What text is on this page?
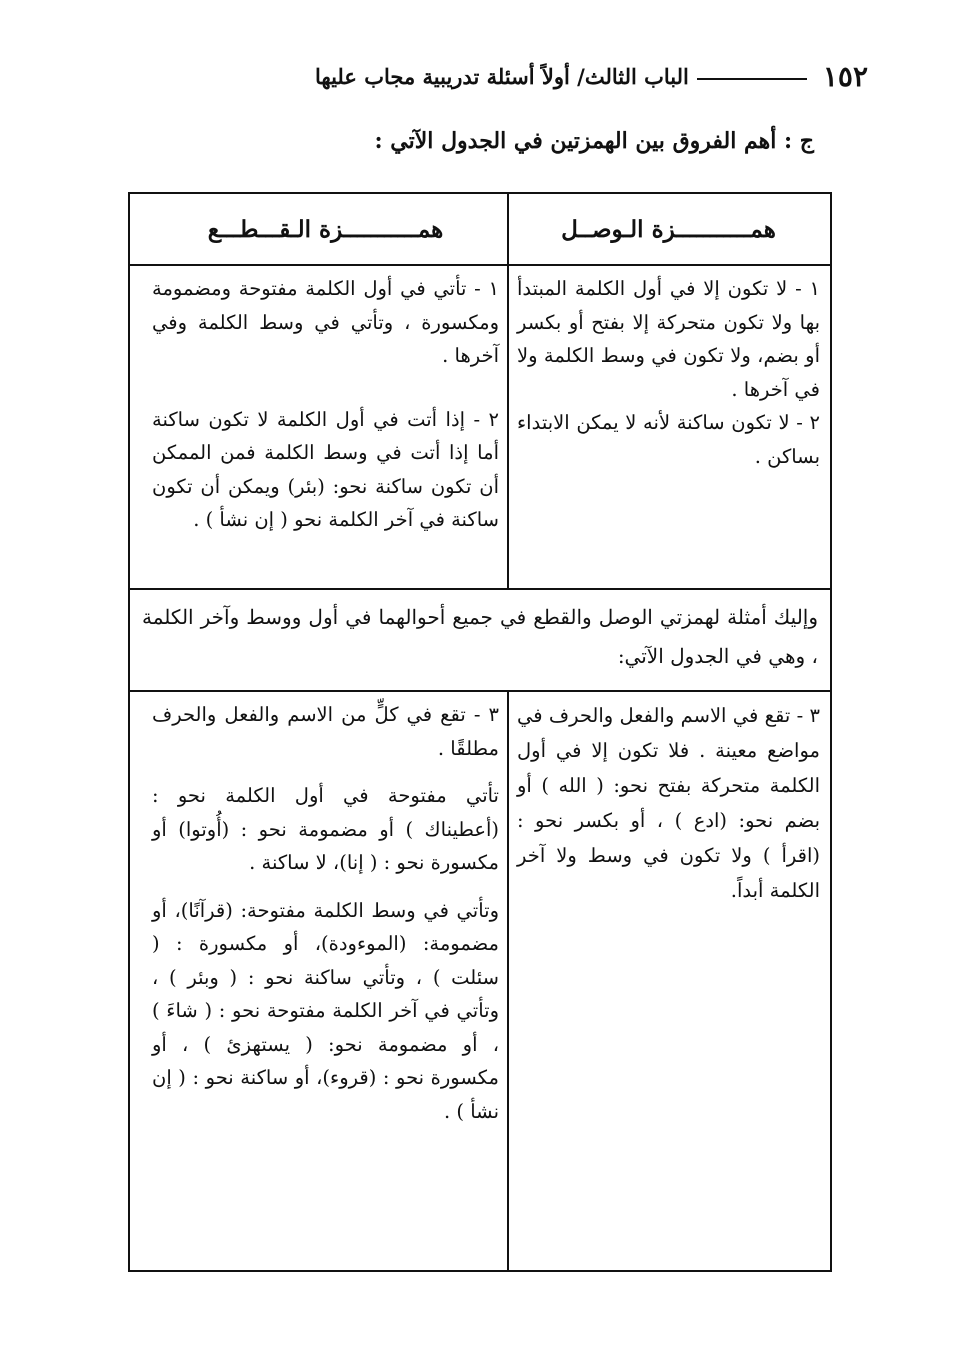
١٥٢
الباب الثالث/ أولاً أسئلة تدريبية مجاب عليها
ج : أهم الفروق بين الهمزتين في الجدول الآتي :
همـــــــــــزة الـوصــل
همـــــــــــزة الـقـــطـــع

١ - لا تكون إلا في أول الكلمة المبتدأ بها ولا تكون متحركة إلا بفتح أو بكسر أو بضم، ولا تكون في وسط الكلمة ولا في آخرها .

٢ - لا تكون ساكنة لأنه لا يمكن الابتداء بساكن .

١ - تأتي في أول الكلمة مفتوحة ومضمومة ومكسورة ، وتأتي في وسط الكلمة وفي آخرها .

٢ - إذا أتت في أول الكلمة لا تكون ساكنة أما إذا أتت في وسط الكلمة فمن الممكن أن تكون ساكنة نحو: (بئر) ويمكن أن تكون ساكنة في آخر الكلمة نحو ( إن نشأ ) .

وإليك أمثلة لهمزتي الوصل والقطع في جميع أحوالهما في أول ووسط وآخر الكلمة ، وهي في الجدول الآتي:

٣ - تقع في الاسم والفعل والحرف في مواضع معينة . فلا تكون إلا في أول الكلمة متحركة بفتح نحو: ( الله ) أو بضم نحو: (ادع ) ، أو بكسر نحو : (اقرأ ) ولا تكون في وسط ولا آخر الكلمة أبداً.

٣ - تقع في كلٍّ من الاسم والفعل والحرف مطلقًا .

تأتي مفتوحة في أول الكلمة نحو : (أعطيناك ) أو مضمومة نحو : (أُوتوا) أو مكسورة نحو : ( إنا)، لا ساكنة .

وتأتي في وسط الكلمة مفتوحة: (قرآنًا)، أو مضمومة: (الموءودة)، أو مكسورة : ( سئلت ) ، وتأتي ساكنة نحو : ( وبئر ) ، وتأتي في آخر الكلمة مفتوحة نحو : ( شاءَ ) ، أو مضمومة نحو: ( يستهزئ ) ، أو مكسورة نحو : (قروء)، أو ساكنة نحو : ( إن نشأ ) .
